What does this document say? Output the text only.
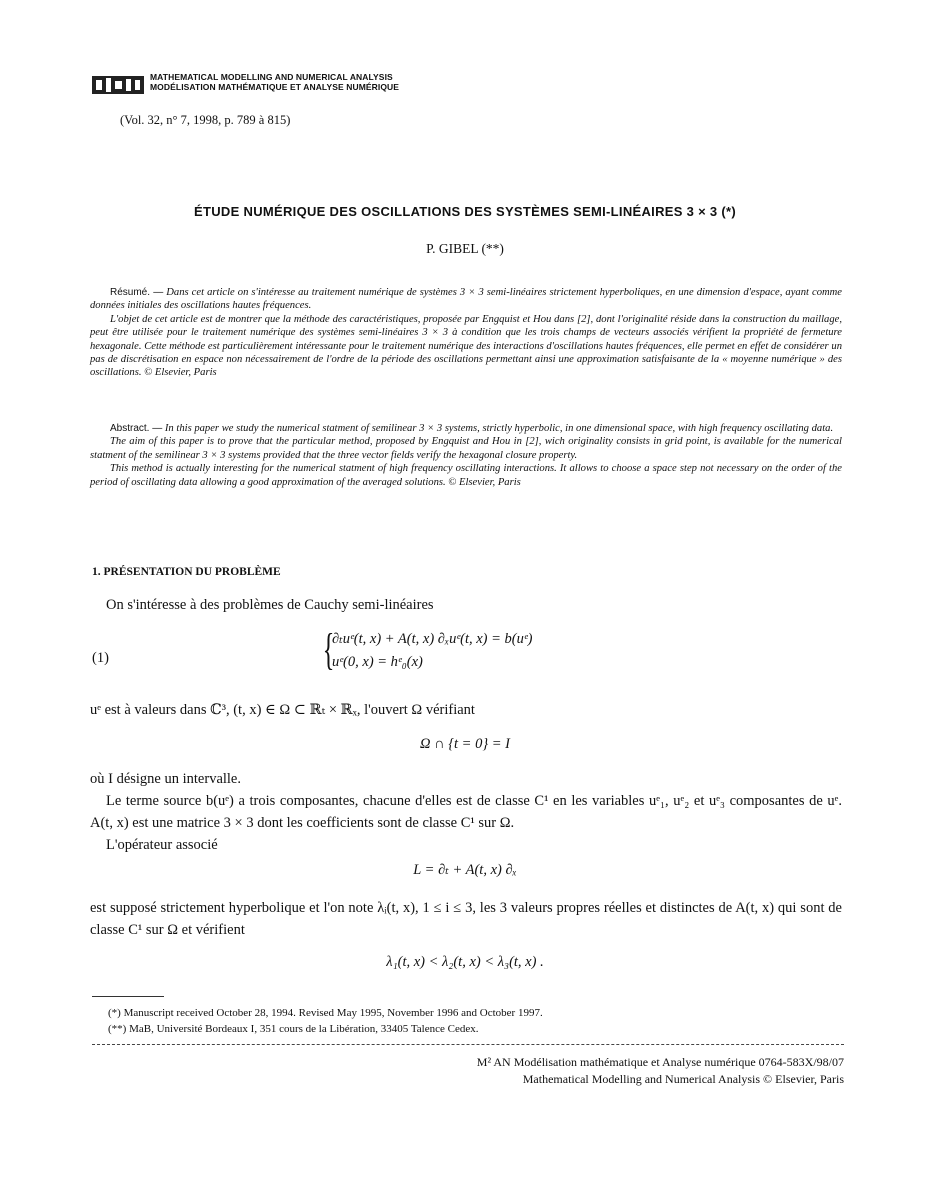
MATHEMATICAL MODELLING AND NUMERICAL ANALYSIS
MODÉLISATION MATHÉMATIQUE ET ANALYSE NUMÉRIQUE
(Vol. 32, n° 7, 1998, p. 789 à 815)
ÉTUDE NUMÉRIQUE DES OSCILLATIONS DES SYSTÈMES SEMI-LINÉAIRES 3 × 3 (*)
P. GIBEL (**)

Résumé. — Dans cet article on s'intéresse au traitement numérique de systèmes 3 × 3 semi-linéaires strictement hyperboliques, en une dimension d'espace, ayant comme données initiales des oscillations hautes fréquences.

L'objet de cet article est de montrer que la méthode des caractéristiques, proposée par Engquist et Hou dans [2], dont l'originalité réside dans la construction du maillage, peut être utilisée pour le traitement numérique des systèmes semi-linéaires 3 × 3 à condition que les trois champs de vecteurs associés vérifient la propriété de fermeture hexagonale. Cette méthode est particulièrement intéressante pour le traitement numérique des interactions d'oscillations hautes fréquences, elle permet en effet de considérer un pas de discrétisation en espace non nécessairement de l'ordre de la période des oscillations permettant ainsi une approximation satisfaisante de la « moyenne numérique » des oscillations. © Elsevier, Paris

Abstract. — In this paper we study the numerical statment of semilinear 3 × 3 systems, strictly hyperbolic, in one dimensional space, with high frequency oscillating data.

The aim of this paper is to prove that the particular method, proposed by Engquist and Hou in [2], wich originality consists in grid point, is available for the numerical statment of the semilinear 3 × 3 systems provided that the three vector fields verify the hexagonal closure property.

This method is actually interesting for the numerical statment of high frequency oscillating interactions. It allows to choose a space step not necessary on the order of the period of oscillating data allowing a good approximation of the averaged solutions. © Elsevier, Paris

1. PRÉSENTATION DU PROBLÈME
On s'intéresse à des problèmes de Cauchy semi-linéaires
(1)	{
∂ₜuᵉ(t, x) + A(t, x) ∂ₓuᵉ(t, x) = b(uᵉ)
uᵉ(0, x) = hᵉ₀(x)
uᵉ est à valeurs dans ℂ³, (t, x) ∈ Ω ⊂ ℝₜ × ℝₓ, l'ouvert Ω vérifiant
Ω ∩ {t = 0} = I
où I désigne un intervalle.
Le terme source b(uᵉ) a trois composantes, chacune d'elles est de classe C¹ en les variables uᵉ₁, uᵉ₂ et uᵉ₃ composantes de uᵉ. A(t, x) est une matrice 3 × 3 dont les coefficients sont de classe C¹ sur Ω.
L'opérateur associé
L = ∂ₜ + A(t, x) ∂ₓ
est supposé strictement hyperbolique et l'on note λᵢ(t, x), 1 ≤ i ≤ 3, les 3 valeurs propres réelles et distinctes de A(t, x) qui sont de classe C¹ sur Ω et vérifient
λ₁(t, x) < λ₂(t, x) < λ₃(t, x) .
(*) Manuscript received October 28, 1994. Revised May 1995, November 1996 and October 1997.
(**) MaB, Université Bordeaux I, 351 cours de la Libération, 33405 Talence Cedex.
M² AN Modélisation mathématique et Analyse numérique 0764-583X/98/07
Mathematical Modelling and Numerical Analysis © Elsevier, Paris
